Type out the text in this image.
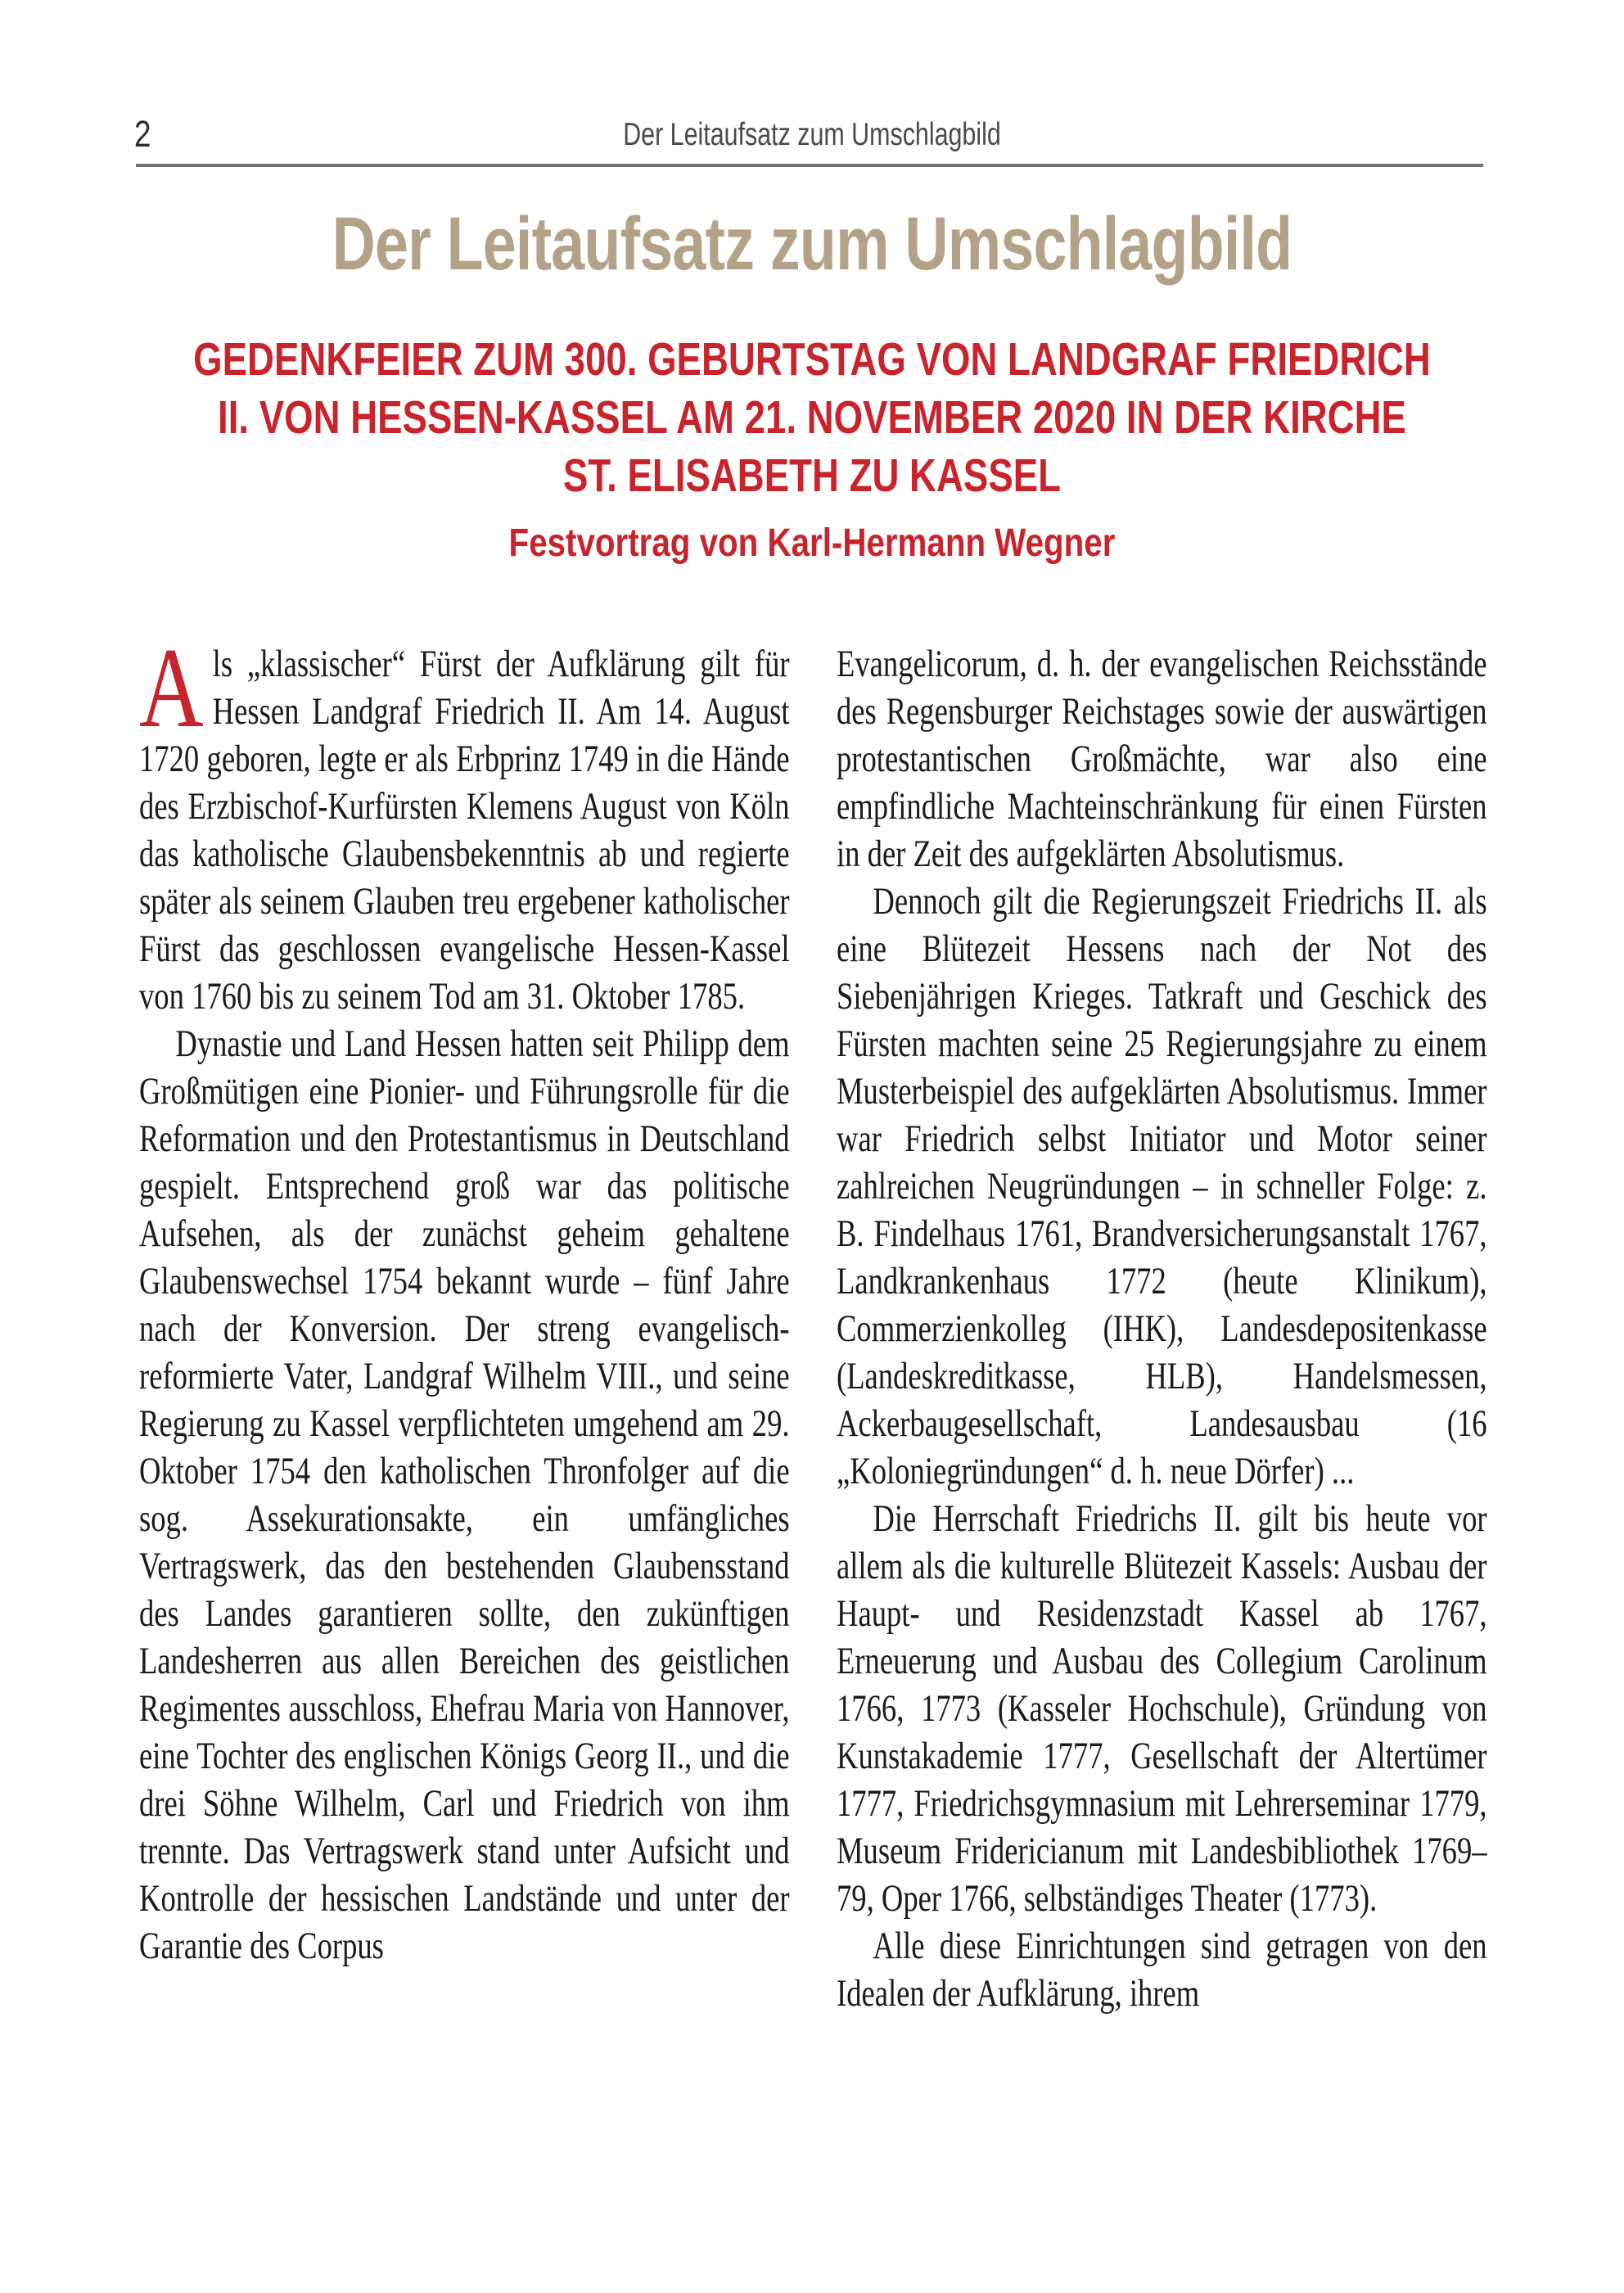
2	Der Leitaufsatz zum Umschlagbild
Der Leitaufsatz zum Umschlagbild
GEDENKFEIER ZUM 300. GEBURTSTAG VON LANDGRAF FRIEDRICH
II. VON HESSEN-KASSEL AM 21. NOVEMBER 2020 IN DER KIRCHE
ST. ELISABETH ZU KASSEL
Festvortrag von Karl-Hermann Wegner

Als „klassischer“ Fürst der Aufklärung gilt für Hessen Landgraf Friedrich II. Am 14. August 1720 geboren, legte er als Erbprinz 1749 in die Hände des Erzbischof-Kurfürsten Klemens August von Köln das katholische Glaubensbekenntnis ab und regierte später als seinem Glauben treu ergebener katholischer Fürst das geschlossen evangelische Hessen-Kassel von 1760 bis zu seinem Tod am 31. Oktober 1785.

Dynastie und Land Hessen hatten seit Philipp dem Großmütigen eine Pionier- und Führungsrolle für die Reformation und den Protestantismus in Deutschland gespielt. Entsprechend groß war das politische Aufsehen, als der zunächst geheim gehaltene Glaubenswechsel 1754 bekannt wurde – fünf Jahre nach der Konversion. Der streng evangelisch-reformierte Vater, Landgraf Wilhelm VIII., und seine Regierung zu Kassel verpflichteten umgehend am 29. Oktober 1754 den katholischen Thronfolger auf die sog. Assekurationsakte, ein umfängliches Vertragswerk, das den bestehenden Glaubensstand des Landes garantieren sollte, den zukünftigen Landesherren aus allen Bereichen des geistlichen Regimentes ausschloss, Ehefrau Maria von Hannover, eine Tochter des englischen Königs Georg II., und die drei Söhne Wilhelm, Carl und Friedrich von ihm trennte. Das Vertragswerk stand unter Aufsicht und Kontrolle der hessischen Landstände und unter der Garantie des Corpus

Evangelicorum, d. h. der evangelischen Reichsstände des Regensburger Reichstages sowie der auswärtigen protestantischen Großmächte, war also eine empfindliche Machteinschränkung für einen Fürsten in der Zeit des aufgeklärten Absolutismus.

Dennoch gilt die Regierungszeit Friedrichs II. als eine Blütezeit Hessens nach der Not des Siebenjährigen Krieges. Tatkraft und Geschick des Fürsten machten seine 25 Regierungsjahre zu einem Musterbeispiel des aufgeklärten Absolutismus. Immer war Friedrich selbst Initiator und Motor seiner zahlreichen Neugründungen – in schneller Folge: z. B. Findelhaus 1761, Brandversicherungsanstalt 1767, Landkrankenhaus 1772 (heute Klinikum), Commerzienkolleg (IHK), Landesdepositenkasse (Landeskreditkasse, HLB), Handelsmessen, Ackerbaugesellschaft, Landesausbau (16 „Koloniegründungen“ d. h. neue Dörfer) ...

Die Herrschaft Friedrichs II. gilt bis heute vor allem als die kulturelle Blütezeit Kassels: Ausbau der Haupt- und Residenzstadt Kassel ab 1767, Erneuerung und Ausbau des Collegium Carolinum 1766, 1773 (Kasseler Hochschule), Gründung von Kunstakademie 1777, Gesellschaft der Altertümer 1777, Friedrichsgymnasium mit Lehrerseminar 1779, Museum Fridericianum mit Landesbibliothek 1769–79, Oper 1766, selbständiges Theater (1773).

Alle diese Einrichtungen sind getragen von den Idealen der Aufklärung, ihrem
